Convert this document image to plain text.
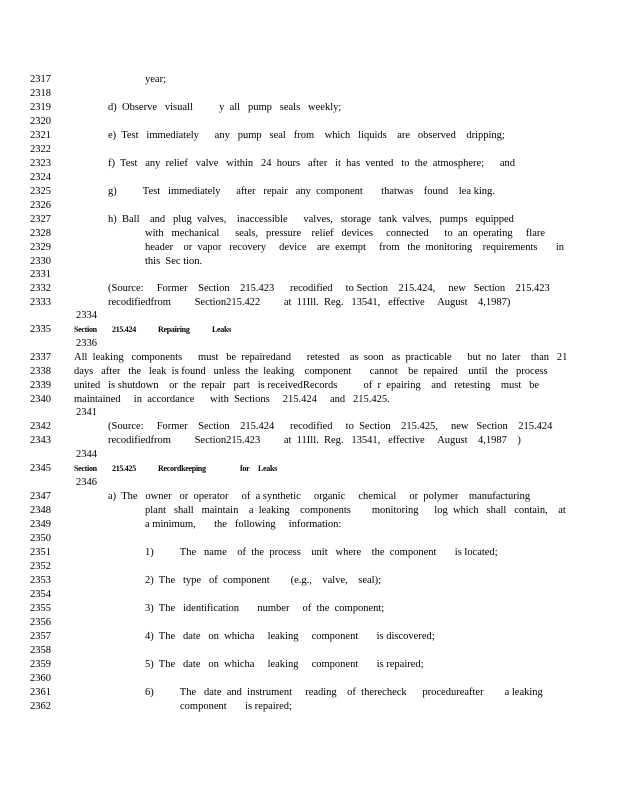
2317	year;
2318
2319	d)  Observe   visuall          y  all   pump   seals   weekly;
2320
2321	e)  Test   immediately      any   pump   seal   from    which   liquids    are   observed    dripping;
2322
2323	f)  Test   any  relief   valve   within   24  hours   after   it  has  vented   to  the  atmosphere;      and
2324
2325	g)          Test   immediately      after   repair   any  component       thatwas    found    lea king.
2326
2327	h)  Ball    and   plug  valves,    inaccessible      valves,   storage   tank  valves,   pumps   equipped
2328	with   mechanical      seals,   pressure    relief   devices     connected      to  an  operating     flare
2329	header    or  vapor   recovery     device    are  exempt     from   the  monitoring    requirements       in
2330	this  Sec tion.
2331
2332	(Source:     Former    Section    215.423      recodified     to Section    215.424,     new   Section    215.423
2333	recodifiedfrom         Section215.422         at  11Ill.  Reg.   13541,   effective     August    4,1987)
2334
2335	Section 215.424	Repairing	Leaks
2336
2337 All  leaking   components      must   be  repairedand      retested    as  soon   as  practicable      but  no  later    than   21
2338 days   after   the   leak  is found   unless  the  leaking    component       cannot    be  repaired    until   the   process
2339 united   is shutdown    or  the  repair   part   is receivedRecords          of  r  epairing    and   retesting    must   be
2340 maintained     in  accordance      with  Sections     215.424     and   215.425.
2341
2342	(Source:     Former    Section    215.424      recodified     to  Section    215.425,     new   Section    215.424
2343	recodifiedfrom         Section215.423         at  11Ill.  Reg.   13541,   effective     August    4,1987    )
2344
2345	Section 215.425	Recordkeeping	for Leaks
2346
2347	a)  The   owner   or  operator     of  a synthetic     organic     chemical     or  polymer    manufacturing
2348	plant   shall   maintain    a  leaking    components        monitoring      log  which   shall   contain,    at
2349	a minimum,       the   following     information:
2350
2351	1)          The   name    of  the  process    unit   where    the  component       is located;
2352
2353	2)  The   type   of  component        (e.g.,    valve,    seal);
2354
2355	3)  The   identification       number     of  the  component;
2356
2357	4)  The   date   on  whicha     leaking     component       is discovered;
2358
2359	5)  The   date   on  whicha     leaking     component       is repaired;
2360
2361	6)          The   date  and  instrument     reading    of  therecheck      procedureafter        a leaking
2362	component       is repaired;
